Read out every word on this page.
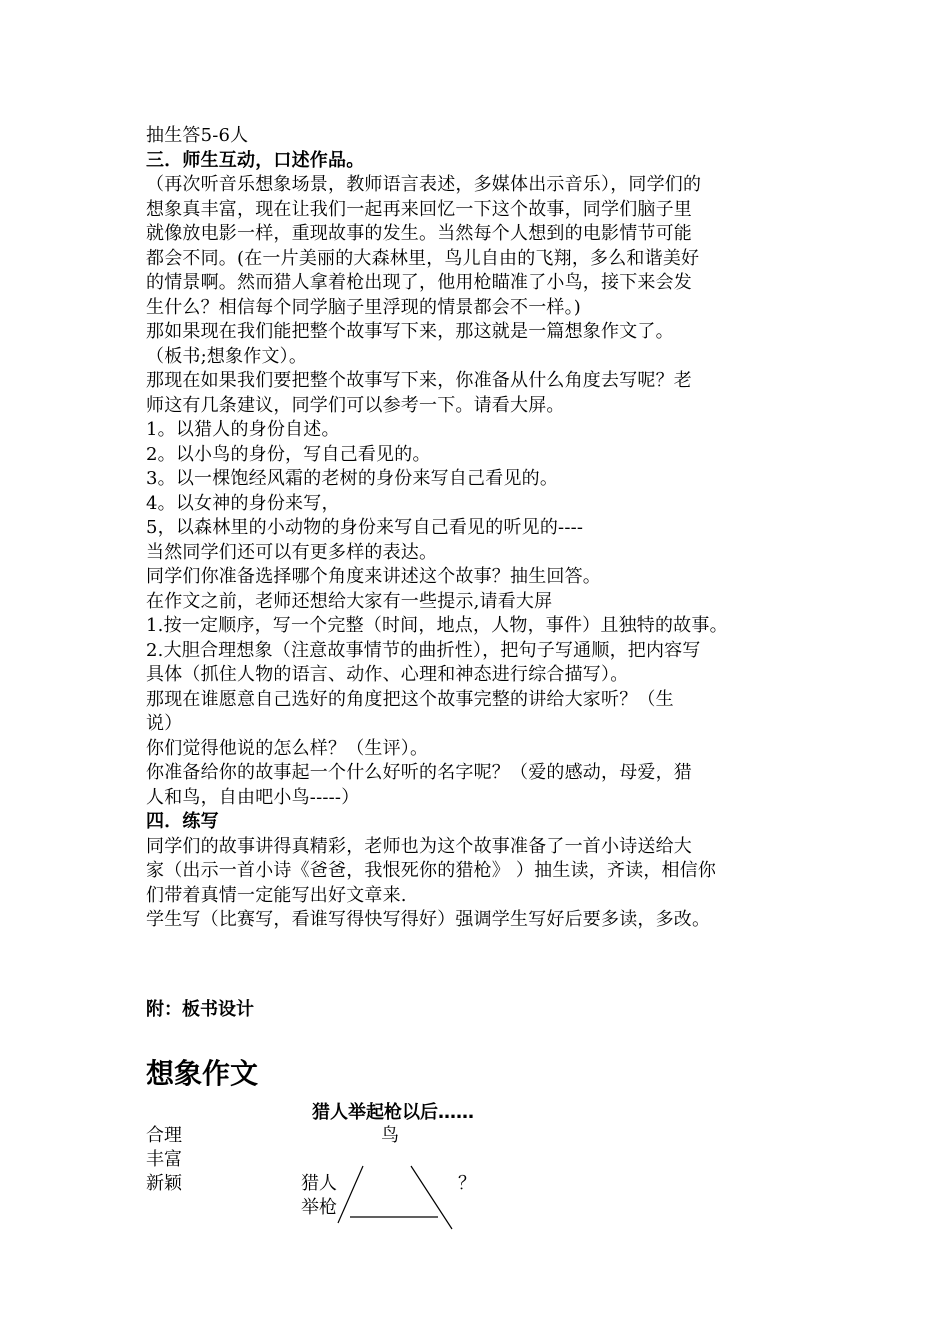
抽生答5-6人
三．师生互动，口述作品。
（再次听音乐想象场景，教师语言表述，多媒体出示音乐），同学们的
想象真丰富，现在让我们一起再来回忆一下这个故事，同学们脑子里
就像放电影一样，重现故事的发生。当然每个人想到的电影情节可能
都会不同。(在一片美丽的大森林里，鸟儿自由的飞翔，多么和谐美好
的情景啊。然而猎人拿着枪出现了，他用枪瞄准了小鸟，接下来会发
生什么？相信每个同学脑子里浮现的情景都会不一样。)
那如果现在我们能把整个故事写下来，那这就是一篇想象作文了。
（板书;想象作文）。
那现在如果我们要把整个故事写下来，你准备从什么角度去写呢？老
师这有几条建议，同学们可以参考一下。请看大屏。
1。以猎人的身份自述。
2。以小鸟的身份，写自己看见的。
3。以一棵饱经风霜的老树的身份来写自己看见的。
4。以女神的身份来写，
5，以森林里的小动物的身份来写自己看见的听见的----
当然同学们还可以有更多样的表达。
同学们你准备选择哪个角度来讲述这个故事？抽生回答。
在作文之前，老师还想给大家有一些提示,请看大屏
1.按一定顺序，写一个完整（时间，地点，人物，事件）且独特的故事。
2.大胆合理想象（注意故事情节的曲折性），把句子写通顺，把内容写
具体（抓住人物的语言、动作、心理和神态进行综合描写）。
那现在谁愿意自己选好的角度把这个故事完整的讲给大家听？（生
说）
你们觉得他说的怎么样？（生评）。
你准备给你的故事起一个什么好听的名字呢？（爱的感动，母爱，猎
人和鸟，自由吧小鸟-----）
四．练写
同学们的故事讲得真精彩，老师也为这个故事准备了一首小诗送给大
家（出示一首小诗《爸爸，我恨死你的猎枪》 ）抽生读，齐读，相信你
们带着真情一定能写出好文章来.
学生写（比赛写，看谁写得快写得好）强调学生写好后要多读，多改。
附：板书设计
想象作文
猎人举起枪以后……
合理
丰富
新颖
鸟
猎人
举枪
？
